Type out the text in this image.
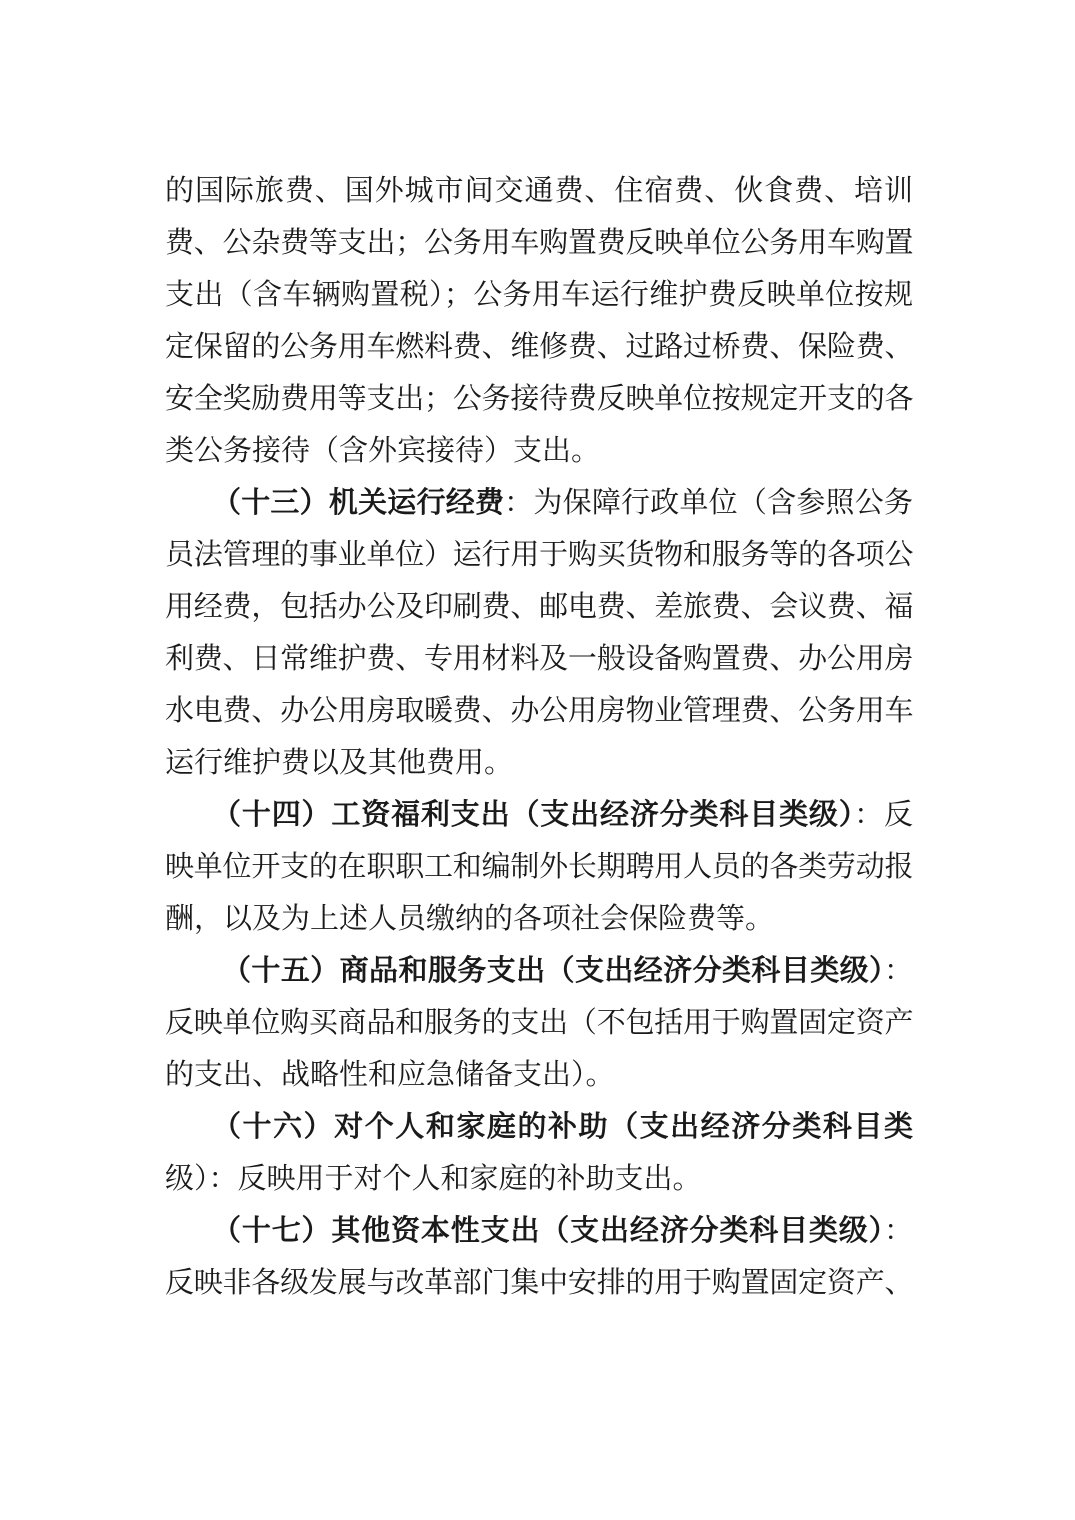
的国际旅费、国外城市间交通费、住宿费、伙食费、培训

费、公杂费等支出；公务用车购置费反映单位公务用车购置

支出（含车辆购置税）；公务用车运行维护费反映单位按规

定保留的公务用车燃料费、维修费、过路过桥费、保险费、

安全奖励费用等支出；公务接待费反映单位按规定开支的各

类公务接待（含外宾接待）支出。

（十三）机关运行经费：为保障行政单位（含参照公务

员法管理的事业单位）运行用于购买货物和服务等的各项公

用经费，包括办公及印刷费、邮电费、差旅费、会议费、福

利费、日常维护费、专用材料及一般设备购置费、办公用房

水电费、办公用房取暖费、办公用房物业管理费、公务用车

运行维护费以及其他费用。

（十四）工资福利支出（支出经济分类科目类级）：反

映单位开支的在职职工和编制外长期聘用人员的各类劳动报

酬，以及为上述人员缴纳的各项社会保险费等。

（十五）商品和服务支出（支出经济分类科目类级）：

反映单位购买商品和服务的支出（不包括用于购置固定资产

的支出、战略性和应急储备支出）。

（十六）对个人和家庭的补助（支出经济分类科目类

级）：反映用于对个人和家庭的补助支出。

（十七）其他资本性支出（支出经济分类科目类级）：

反映非各级发展与改革部门集中安排的用于购置固定资产、
